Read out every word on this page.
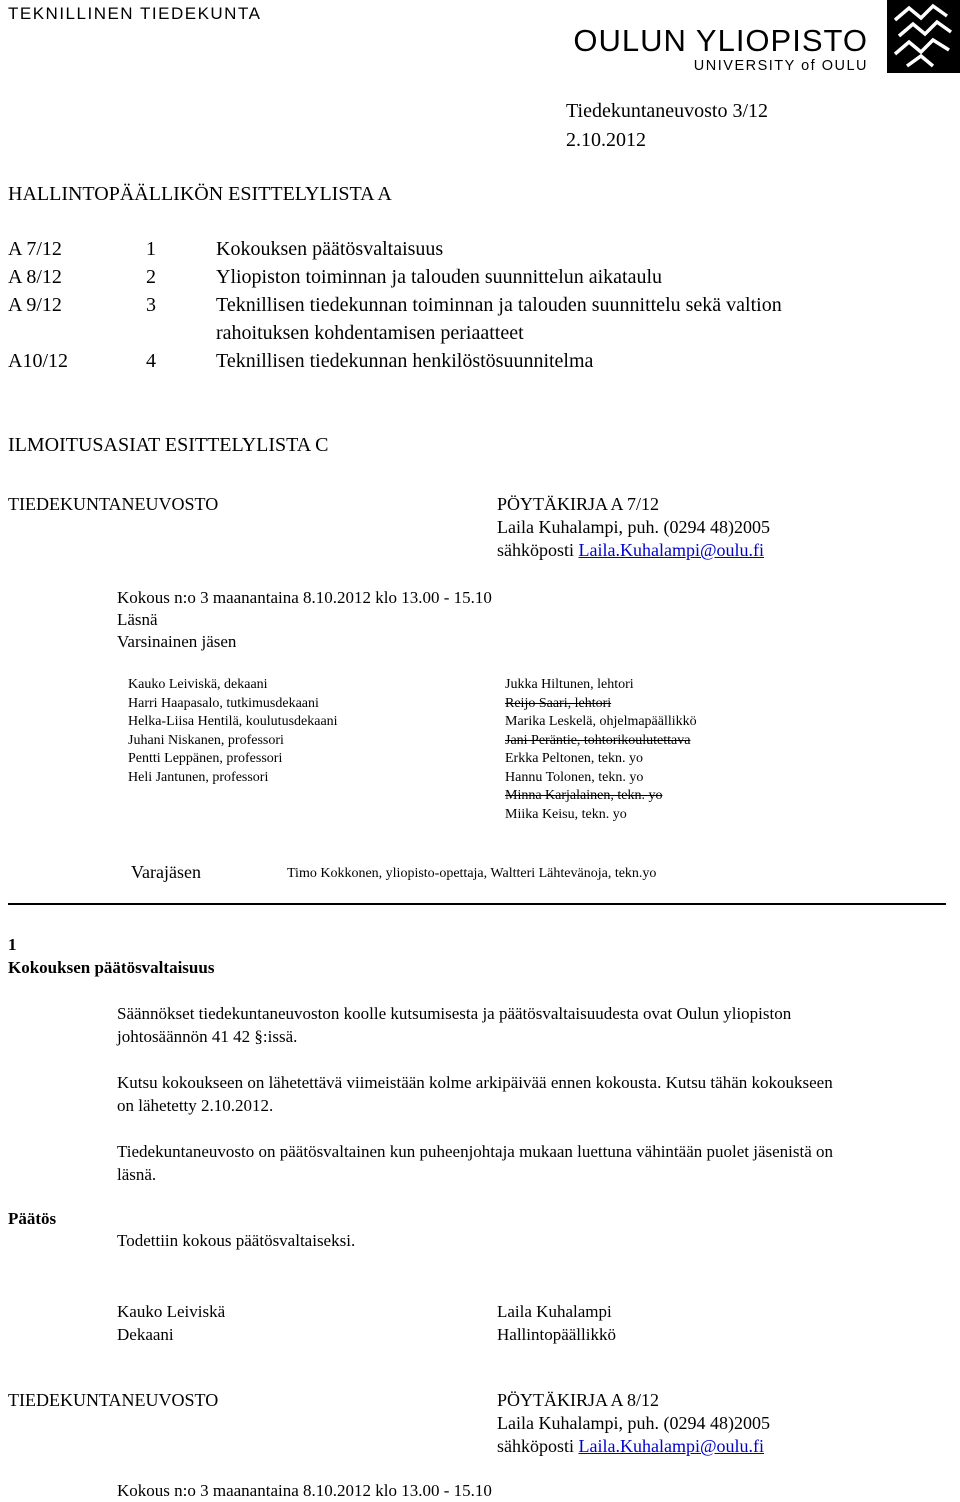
TEKNILLINEN TIEDEKUNTA
OULUN YLIOPISTO
UNIVERSITY of OULU
Tiedekuntaneuvosto 3/12
2.10.2012
HALLINTOPÄÄLLIKÖN ESITTELYLISTA A
A 7/12	1	Kokouksen päätösvaltaisuus
A 8/12	2	Yliopiston toiminnan ja talouden suunnittelun aikataulu
A 9/12	3	Teknillisen tiedekunnan toiminnan ja talouden suunnittelu sekä valtion
rahoituksen kohdentamisen periaatteet
A10/12	4	Teknillisen tiedekunnan henkilöstösuunnitelma
ILMOITUSASIAT ESITTELYLISTA C
TIEDEKUNTANEUVOSTO	PÖYTÄKIRJA A 7/12
Laila Kuhalampi, puh. (0294 48)2005
sähköposti Laila.Kuhalampi@oulu.fi
Kokous n:o 3 maanantaina 8.10.2012 klo 13.00 - 15.10
Läsnä
Varsinainen jäsen
Kauko Leiviskä, dekaani
Harri Haapasalo, tutkimusdekaani
Helka-Liisa Hentilä, koulutusdekaani
Juhani Niskanen, professori
Pentti Leppänen, professori
Heli Jantunen, professori
Jukka Hiltunen, lehtori
Reijo Saari, lehtori
Marika Leskelä, ohjelmapäällikkö
Jani Peräntie, tohtorikoulutettava
Erkka Peltonen, tekn. yo
Hannu Tolonen, tekn. yo
Minna Karjalainen, tekn. yo
Miika Keisu, tekn. yo
Varajäsen	Timo Kokkonen, yliopisto-opettaja, Waltteri Lähtevänoja, tekn.yo
1
Kokouksen päätösvaltaisuus
Säännökset tiedekuntaneuvoston koolle kutsumisesta ja päätösvaltaisuudesta ovat Oulun yliopiston
johtosäännön 41 42 §:issä.
Kutsu kokoukseen on lähetettävä viimeistään kolme arkipäivää ennen kokousta. Kutsu tähän kokoukseen
on lähetetty 2.10.2012.
Tiedekuntaneuvosto on päätösvaltainen kun puheenjohtaja mukaan luettuna vähintään puolet jäsenistä on
läsnä.
Päätös
Todettiin kokous päätösvaltaiseksi.
Kauko Leiviskä
Dekaani
Laila Kuhalampi
Hallintopäällikkö
TIEDEKUNTANEUVOSTO	PÖYTÄKIRJA A 8/12
Laila Kuhalampi, puh. (0294 48)2005
sähköposti Laila.Kuhalampi@oulu.fi
Kokous n:o 3 maanantaina 8.10.2012 klo 13.00 - 15.10
